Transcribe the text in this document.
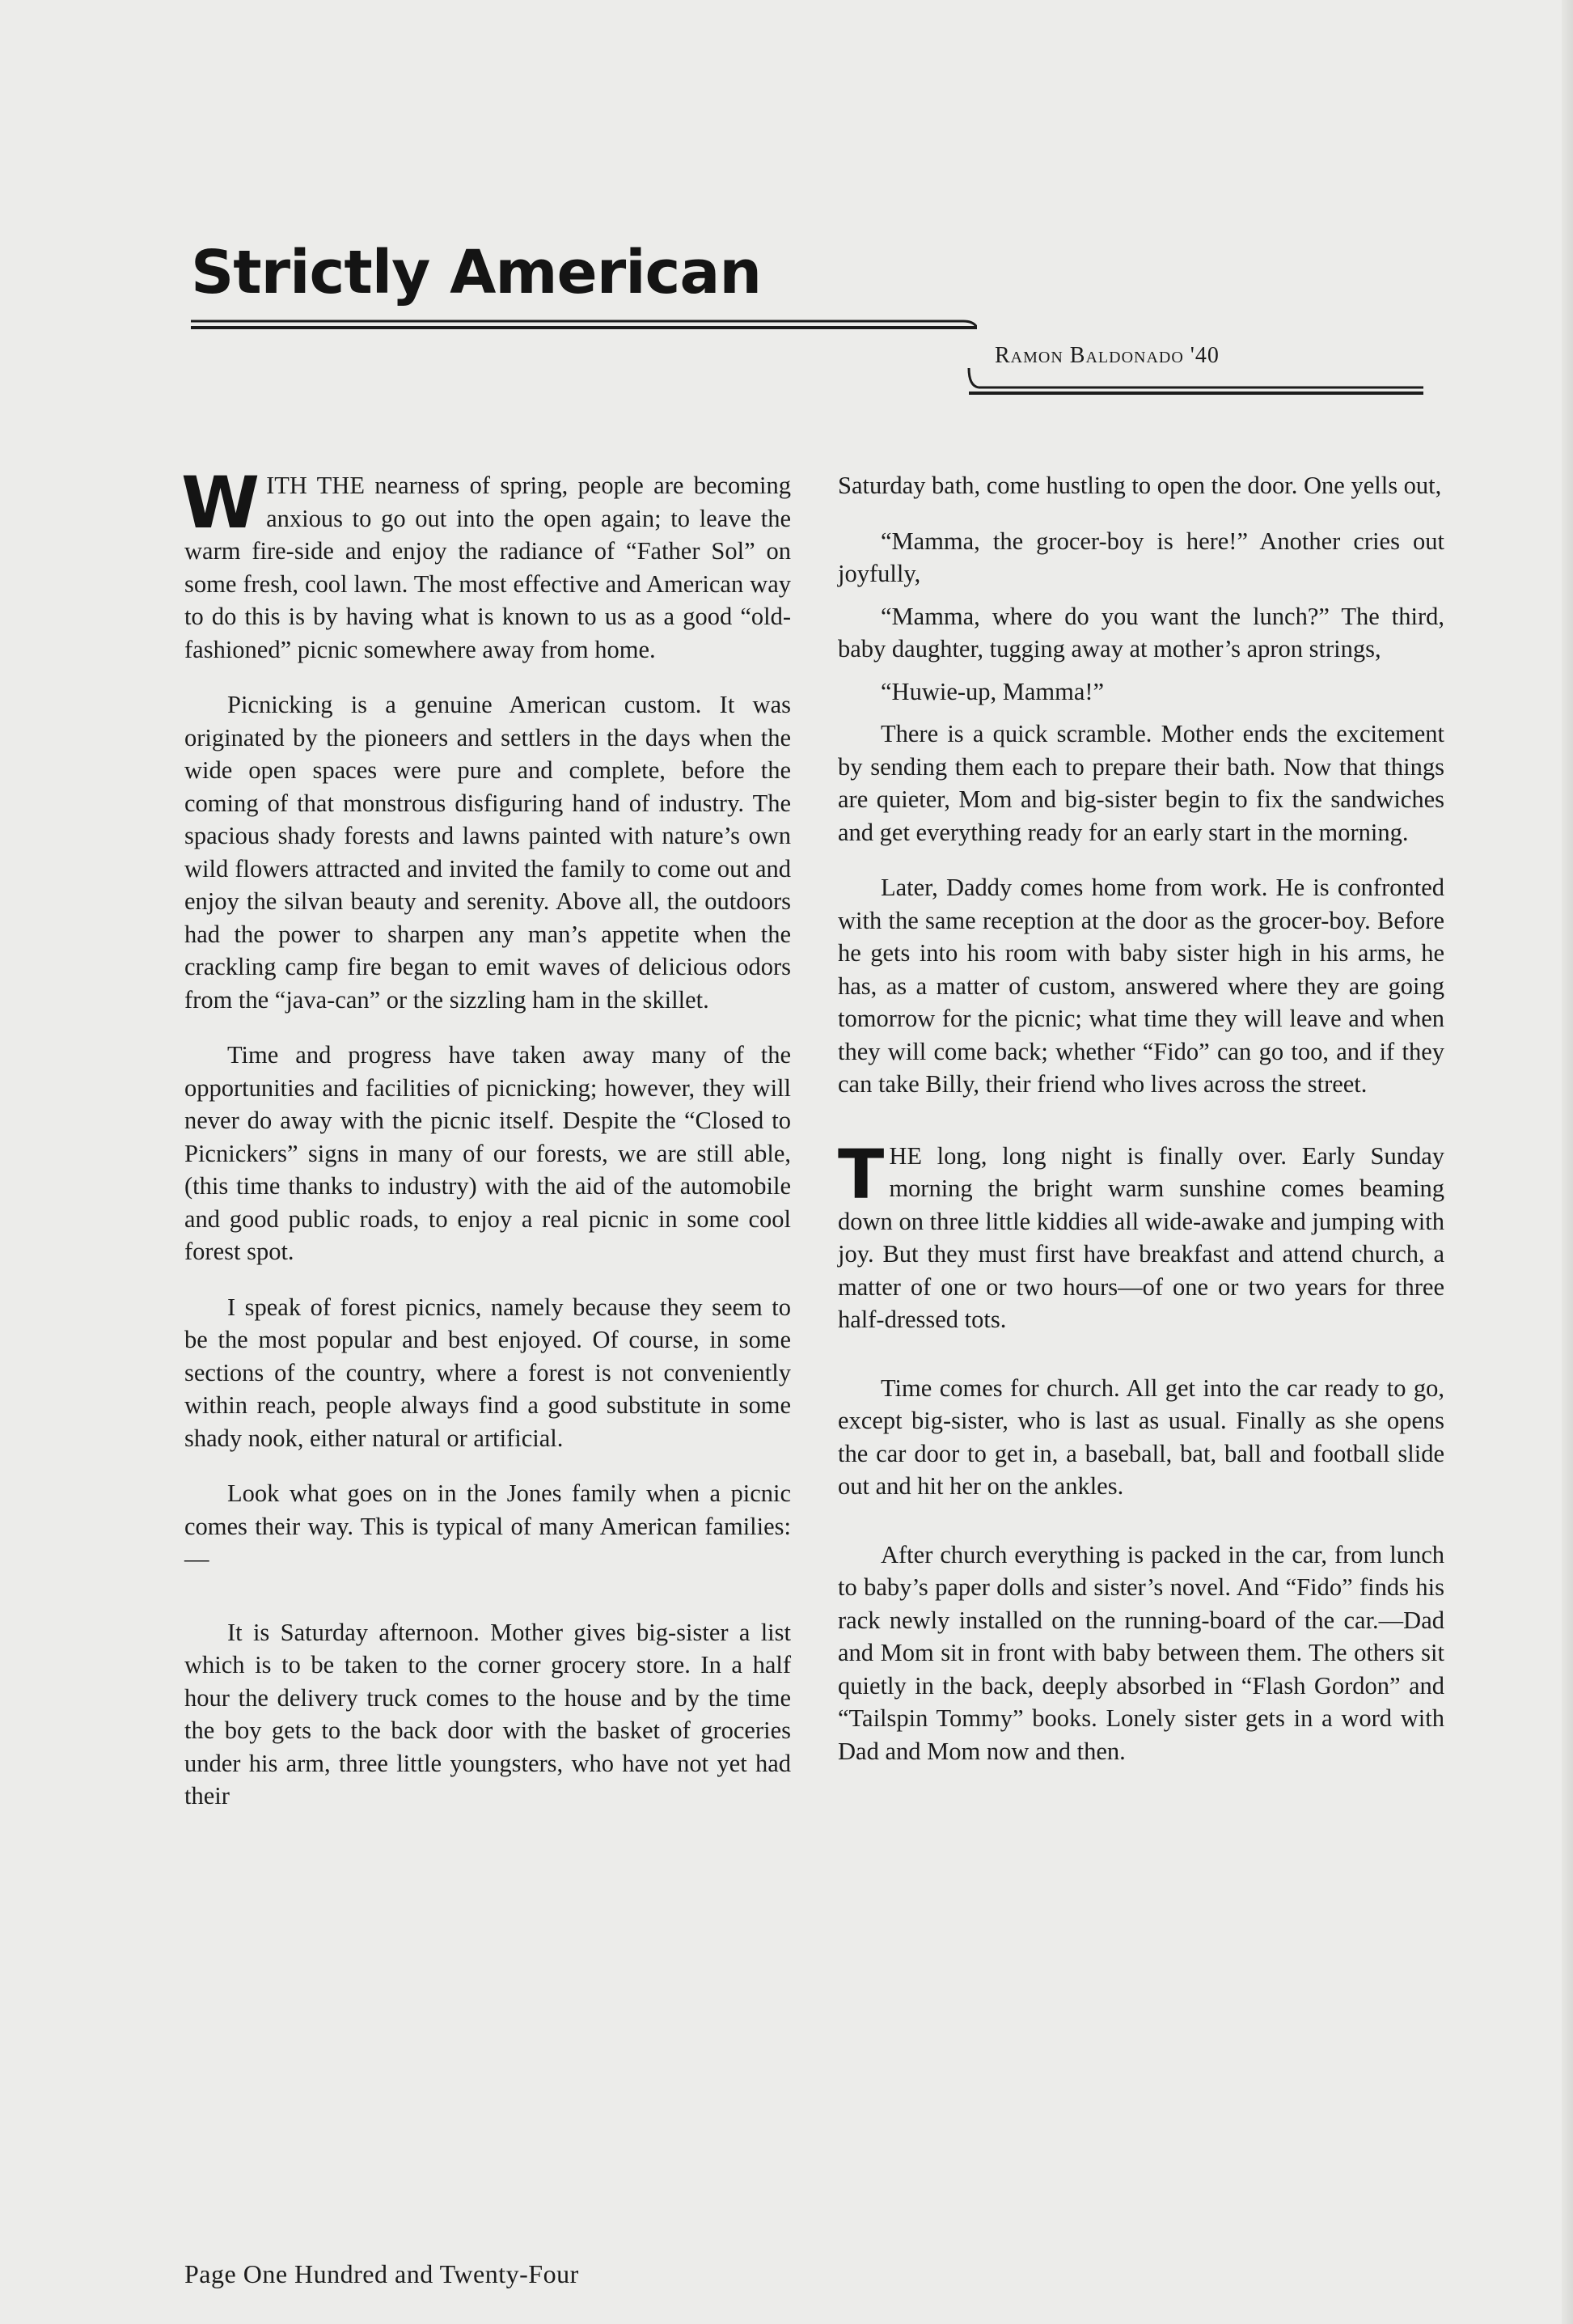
Strictly American
Ramon Baldonado '40

WITH THE nearness of spring, people are becoming anxious to go out into the open again; to leave the warm fire-side and enjoy the radiance of “Father Sol” on some fresh, cool lawn. The most effective and American way to do this is by having what is known to us as a good “old-fashioned” picnic somewhere away from home.

Picnicking is a genuine American custom. It was originated by the pioneers and settlers in the days when the wide open spaces were pure and complete, before the coming of that monstrous disfiguring hand of industry. The spacious shady forests and lawns painted with nature’s own wild flowers attracted and invited the family to come out and enjoy the silvan beauty and serenity. Above all, the outdoors had the power to sharpen any man’s appetite when the crackling camp fire began to emit waves of delicious odors from the “java-can” or the sizzling ham in the skillet.

Time and progress have taken away many of the opportunities and facilities of picnicking; however, they will never do away with the picnic itself. Despite the “Closed to Picnickers” signs in many of our forests, we are still able, (this time thanks to industry) with the aid of the automobile and good public roads, to enjoy a real picnic in some cool forest spot.

I speak of forest picnics, namely because they seem to be the most popular and best enjoyed. Of course, in some sections of the country, where a forest is not conveniently within reach, people always find a good substitute in some shady nook, either natural or artificial.

Look what goes on in the Jones family when a picnic comes their way. This is typical of many American families:—

It is Saturday afternoon. Mother gives big-sister a list which is to be taken to the corner grocery store. In a half hour the delivery truck comes to the house and by the time the boy gets to the back door with the basket of groceries under his arm, three little youngsters, who have not yet had their

Saturday bath, come hustling to open the door. One yells out,

“Mamma, the grocer-boy is here!” Another cries out joyfully,

“Mamma, where do you want the lunch?” The third, baby daughter, tugging away at mother’s apron strings,

“Huwie-up, Mamma!”

There is a quick scramble. Mother ends the excitement by sending them each to prepare their bath. Now that things are quieter, Mom and big-sister begin to fix the sandwiches and get everything ready for an early start in the morning.

Later, Daddy comes home from work. He is confronted with the same reception at the door as the grocer-boy. Before he gets into his room with baby sister high in his arms, he has, as a matter of custom, answered where they are going tomorrow for the picnic; what time they will leave and when they will come back; whether “Fido” can go too, and if they can take Billy, their friend who lives across the street.

THE long, long night is finally over. Early Sunday morning the bright warm sunshine comes beaming down on three little kiddies all wide-awake and jumping with joy. But they must first have breakfast and attend church, a matter of one or two hours—of one or two years for three half-dressed tots.

Time comes for church. All get into the car ready to go, except big-sister, who is last as usual. Finally as she opens the car door to get in, a baseball, bat, ball and football slide out and hit her on the ankles.

After church everything is packed in the car, from lunch to baby’s paper dolls and sister’s novel. And “Fido” finds his rack newly installed on the running-board of the car.—Dad and Mom sit in front with baby between them. The others sit quietly in the back, deeply absorbed in “Flash Gordon” and “Tailspin Tommy” books. Lonely sister gets in a word with Dad and Mom now and then.

Page One Hundred and Twenty-Four
